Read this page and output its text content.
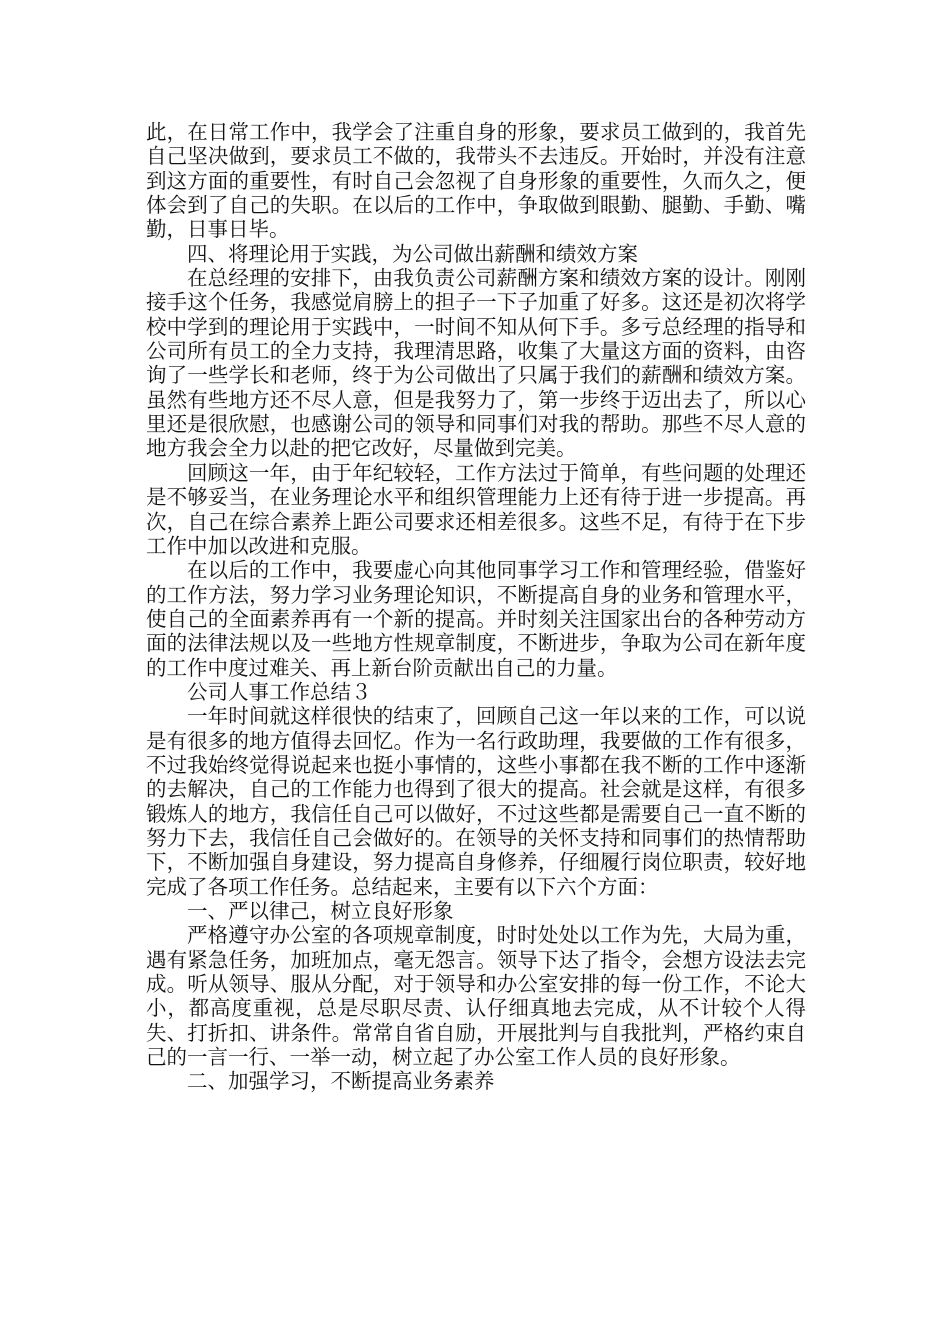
此，在日常工作中，我学会了注重自身的形象，要求员工做到的，我首先自己坚决做到，要求员工不做的，我带头不去违反。开始时，并没有注意到这方面的重要性，有时自己会忽视了自身形象的重要性，久而久之，便体会到了自己的失职。在以后的工作中，争取做到眼勤、腿勤、手勤、嘴勤，日事日毕。

四、将理论用于实践，为公司做出薪酬和绩效方案

在总经理的安排下，由我负责公司薪酬方案和绩效方案的设计。刚刚接手这个任务，我感觉肩膀上的担子一下子加重了好多。这还是初次将学校中学到的理论用于实践中，一时间不知从何下手。多亏总经理的指导和公司所有员工的全力支持，我理清思路，收集了大量这方面的资料，由咨询了一些学长和老师，终于为公司做出了只属于我们的薪酬和绩效方案。虽然有些地方还不尽人意，但是我努力了，第一步终于迈出去了，所以心里还是很欣慰，也感谢公司的领导和同事们对我的帮助。那些不尽人意的地方我会全力以赴的把它改好，尽量做到完美。

回顾这一年，由于年纪较轻，工作方法过于简单，有些问题的处理还是不够妥当，在业务理论水平和组织管理能力上还有待于进一步提高。再次，自己在综合素养上距公司要求还相差很多。这些不足，有待于在下步工作中加以改进和克服。

在以后的工作中，我要虚心向其他同事学习工作和管理经验，借鉴好的工作方法，努力学习业务理论知识，不断提高自身的业务和管理水平，使自己的全面素养再有一个新的提高。并时刻关注国家出台的各种劳动方面的法律法规以及一些地方性规章制度，不断进步，争取为公司在新年度的工作中度过难关、再上新台阶贡献出自己的力量。

公司人事工作总结３

一年时间就这样很快的结束了，回顾自己这一年以来的工作，可以说是有很多的地方值得去回忆。作为一名行政助理，我要做的工作有很多，不过我始终觉得说起来也挺小事情的，这些小事都在我不断的工作中逐渐的去解决，自己的工作能力也得到了很大的提高。社会就是这样，有很多锻炼人的地方，我信任自己可以做好，不过这些都是需要自己一直不断的努力下去，我信任自己会做好的。在领导的关怀支持和同事们的热情帮助下，不断加强自身建设，努力提高自身修养，仔细履行岗位职责，较好地完成了各项工作任务。总结起来，主要有以下六个方面：

一、严以律己，树立良好形象

严格遵守办公室的各项规章制度，时时处处以工作为先，大局为重，遇有紧急任务，加班加点，毫无怨言。领导下达了指令，会想方设法去完成。听从领导、服从分配，对于领导和办公室安排的每一份工作，不论大小，都高度重视，总是尽职尽责、认仔细真地去完成，从不计较个人得失、打折扣、讲条件。常常自省自励，开展批判与自我批判，严格约束自己的一言一行、一举一动，树立起了办公室工作人员的良好形象。

二、加强学习，不断提高业务素养
